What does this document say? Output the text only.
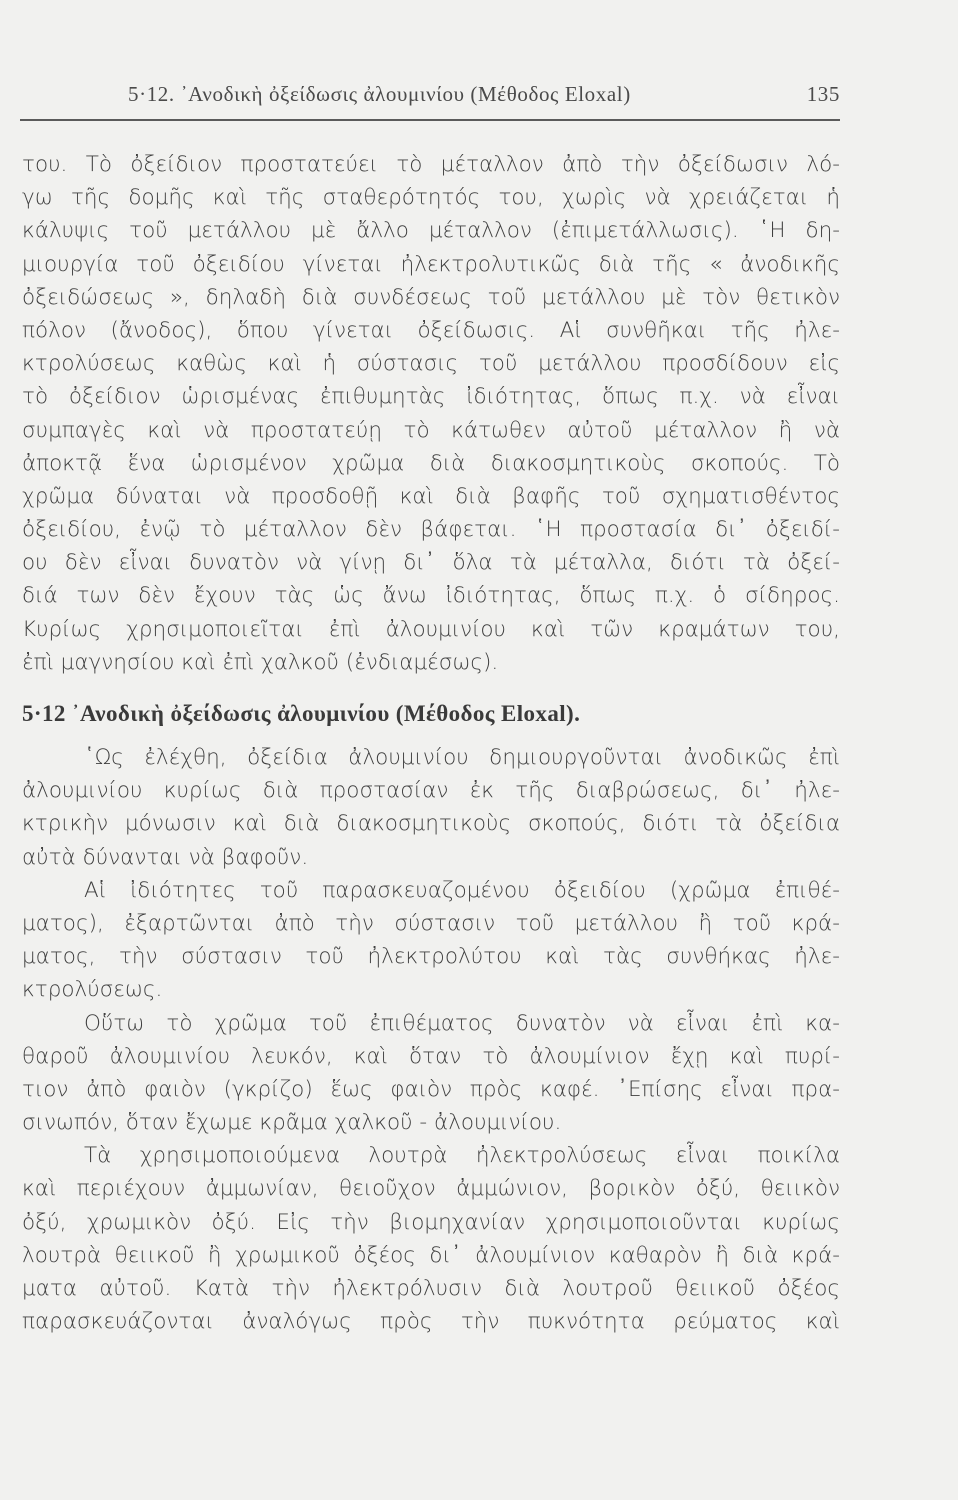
5·12. ᾽Ανοδικὴ ὀξείδωσις ἀλουμινίου (Μέθοδος Eloxal)	135
του. Τὸ ὀξείδιον προστατεύει τὸ μέταλλον ἀπὸ τὴν ὀξείδωσιν λό-
γω τῆς δομῆς καὶ τῆς σταθερότητός του, χωρὶς νὰ χρειάζεται ἡ
κάλυψις τοῦ μετάλλου μὲ ἄλλο μέταλλον (ἐπιμετάλλωσις). ῾Η δη-
μιουργία τοῦ ὀξειδίου γίνεται ἠλεκτρολυτικῶς διὰ τῆς « ἀνοδικῆς
ὀξειδώσεως », δηλαδὴ διὰ συνδέσεως τοῦ μετάλλου μὲ τὸν θετικὸν
πόλον (ἄνοδος), ὅπου γίνεται ὀξείδωσις. Αἱ συνθῆκαι τῆς ἠλε-
κτρολύσεως καθὼς καὶ ἡ σύστασις τοῦ μετάλλου προσδίδουν εἰς
τὸ ὀξείδιον ὡρισμένας ἐπιθυμητὰς ἰδιότητας, ὅπως π.χ. νὰ εἶναι
συμπαγὲς καὶ νὰ προστατεύῃ τὸ κάτωθεν αὐτοῦ μέταλλον ἢ νὰ
ἀποκτᾷ ἕνα ὡρισμένον χρῶμα διὰ διακοσμητικοὺς σκοπούς. Τὸ
χρῶμα δύναται νὰ προσδοθῇ καὶ διὰ βαφῆς τοῦ σχηματισθέντος
ὀξειδίου, ἐνῷ τὸ μέταλλον δὲν βάφεται. ῾Η προστασία δι᾽ ὀξειδί-
ου δὲν εἶναι δυνατὸν νὰ γίνῃ δι᾽ ὅλα τὰ μέταλλα, διότι τὰ ὀξεί-
διά των δὲν ἔχουν τὰς ὡς ἄνω ἰδιότητας, ὅπως π.χ. ὁ σίδηρος.
Κυρίως χρησιμοποιεῖται ἐπὶ ἀλουμινίου καὶ τῶν κραμάτων του,
ἐπὶ μαγνησίου καὶ ἐπὶ χαλκοῦ (ἐνδιαμέσως).
5·12 ᾽Ανοδικὴ ὀξείδωσις ἀλουμινίου (Μέθοδος Eloxal).
῾Ως ἐλέχθη, ὀξείδια ἀλουμινίου δημιουργοῦνται ἀνοδικῶς ἐπὶ
ἀλουμινίου κυρίως διὰ προστασίαν ἐκ τῆς διαβρώσεως, δι᾽ ἠλε-
κτρικὴν μόνωσιν καὶ διὰ διακοσμητικοὺς σκοπούς, διότι τὰ ὀξείδια
αὐτὰ δύνανται νὰ βαφοῦν.
Αἱ ἰδιότητες τοῦ παρασκευαζομένου ὀξειδίου (χρῶμα ἐπιθέ-
ματος), ἐξαρτῶνται ἀπὸ τὴν σύστασιν τοῦ μετάλλου ἢ τοῦ κρά-
ματος, τὴν σύστασιν τοῦ ἠλεκτρολύτου καὶ τὰς συνθήκας ἠλε-
κτρολύσεως.
Οὕτω τὸ χρῶμα τοῦ ἐπιθέματος δυνατὸν νὰ εἶναι ἐπὶ κα-
θαροῦ ἀλουμινίου λευκόν, καὶ ὅταν τὸ ἀλουμίνιον ἔχῃ καὶ πυρί-
τιον ἀπὸ φαιὸν (γκρίζο) ἕως φαιὸν πρὸς καφέ. ᾽Επίσης εἶναι πρα-
σινωπόν, ὅταν ἔχωμε κρᾶμα χαλκοῦ - ἀλουμινίου.
Τὰ χρησιμοποιούμενα λουτρὰ ἠλεκτρολύσεως εἶναι ποικίλα
καὶ περιέχουν ἀμμωνίαν, θειοῦχον ἀμμώνιον, βορικὸν ὀξύ, θειικὸν
ὀξύ, χρωμικὸν ὀξύ. Εἰς τὴν βιομηχανίαν χρησιμοποιοῦνται κυρίως
λουτρὰ θειικοῦ ἢ χρωμικοῦ ὀξέος δι᾽ ἀλουμίνιον καθαρὸν ἢ διὰ κρά-
ματα αὐτοῦ. Κατὰ τὴν ἠλεκτρόλυσιν διὰ λουτροῦ θειικοῦ ὀξέος
παρασκευάζονται ἀναλόγως πρὸς τὴν πυκνότητα ρεύματος καὶ
